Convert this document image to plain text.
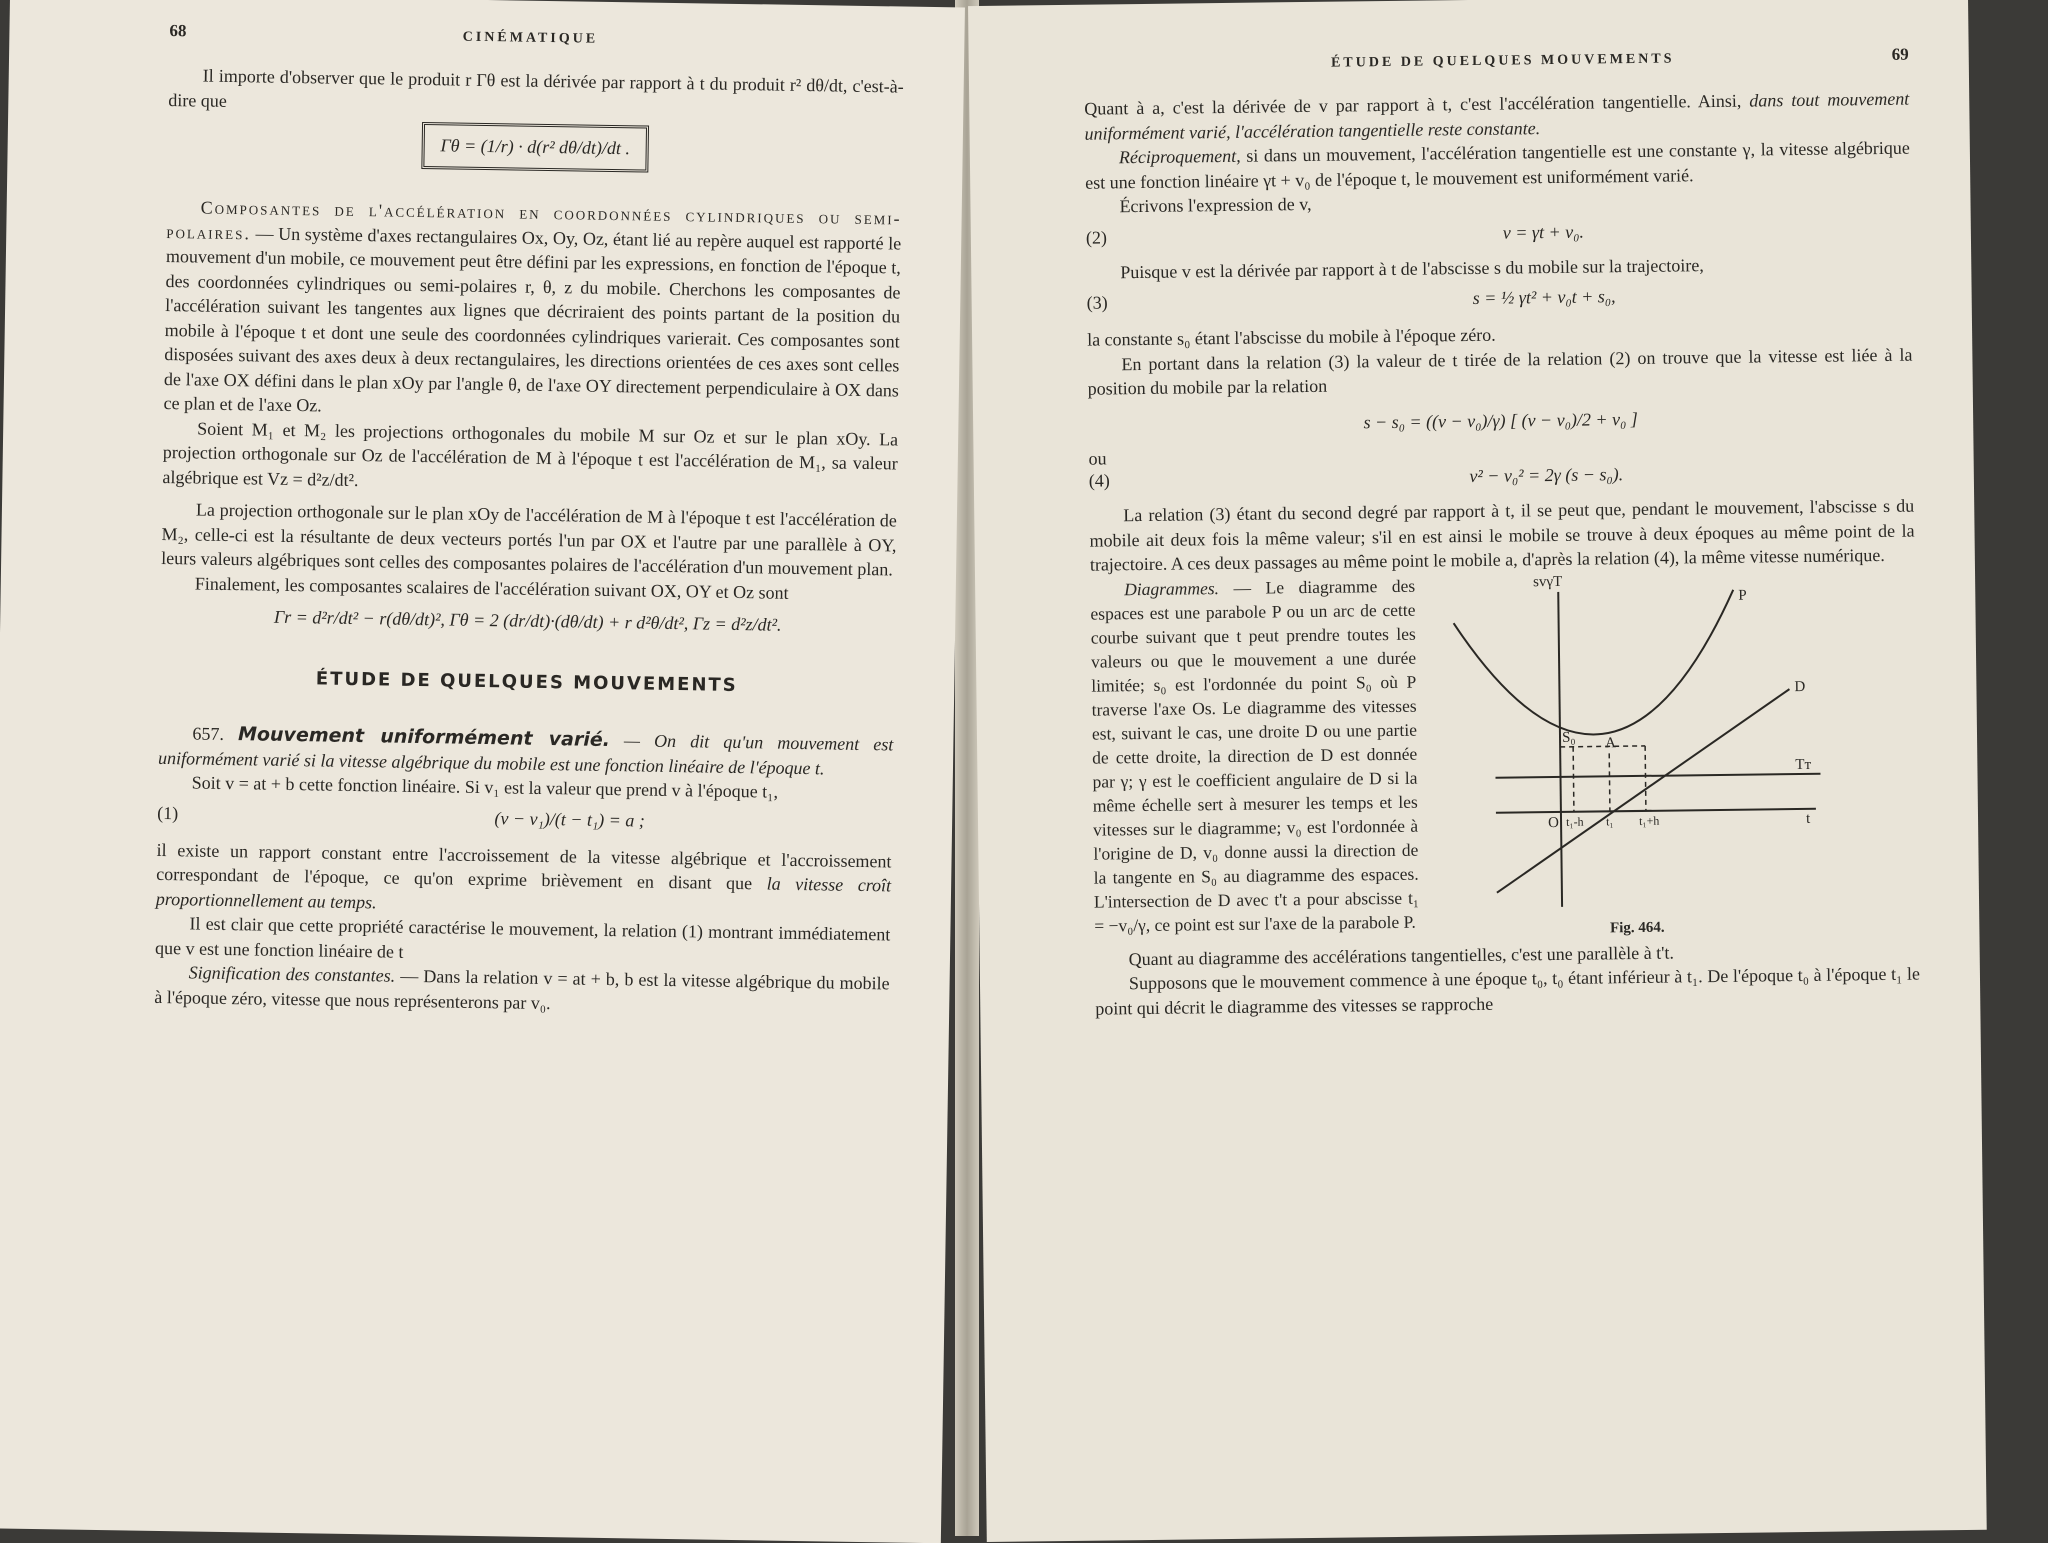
68	CINÉMATIQUE

Il importe d'observer que le produit r Γθ est la dérivée par rapport à t du produit r² dθ/dt, c'est-à-dire que

Γθ = (1/r) · d(r² dθ/dt)/dt .

Composantes de l'accélération en coordonnées cylindriques ou semi-polaires. — Un système d'axes rectangulaires Ox, Oy, Oz, étant lié au repère auquel est rapporté le mouvement d'un mobile, ce mouvement peut être défini par les expressions, en fonction de l'époque t, des coordonnées cylindriques ou semi-polaires r, θ, z du mobile. Cherchons les composantes de l'accélération suivant les tangentes aux lignes que décriraient des points partant de la position du mobile à l'époque t et dont une seule des coordonnées cylindriques varierait. Ces composantes sont disposées suivant des axes deux à deux rectangulaires, les directions orientées de ces axes sont celles de l'axe OX défini dans le plan xOy par l'angle θ, de l'axe OY directement perpendiculaire à OX dans ce plan et de l'axe Oz.

Soient M₁ et M₂ les projections orthogonales du mobile M sur Oz et sur le plan xOy. La projection orthogonale sur Oz de l'accélération de M à l'époque t est l'accélération de M₁, sa valeur algébrique est Vz = d²z/dt².

La projection orthogonale sur le plan xOy de l'accélération de M à l'époque t est l'accélération de M₂, celle-ci est la résultante de deux vecteurs portés l'un par OX et l'autre par une parallèle à OY, leurs valeurs algébriques sont celles des composantes polaires de l'accélération d'un mouvement plan.

Finalement, les composantes scalaires de l'accélération suivant OX, OY et Oz sont

Γr = d²r/dt² − r(dθ/dt)², Γθ = 2 (dr/dt)·(dθ/dt) + r d²θ/dt², Γz = d²z/dt².
ÉTUDE DE QUELQUES MOUVEMENTS

657. Mouvement uniformément varié. — On dit qu'un mouvement est uniformément varié si la vitesse algébrique du mobile est une fonction linéaire de l'époque t.

Soit v = at + b cette fonction linéaire. Si v₁ est la valeur que prend v à l'époque t₁,

(1)	(v − v₁)/(t − t₁) = a ;

il existe un rapport constant entre l'accroissement de la vitesse algébrique et l'accroissement correspondant de l'époque, ce qu'on exprime brièvement en disant que la vitesse croît proportionnellement au temps.

Il est clair que cette propriété caractérise le mouvement, la relation (1) montrant immédiatement que v est une fonction linéaire de t

Signification des constantes. — Dans la relation v = at + b, b est la vitesse algébrique du mobile à l'époque zéro, vitesse que nous représenterons par v₀.

ÉTUDE DE QUELQUES MOUVEMENTS	69

Quant à a, c'est la dérivée de v par rapport à t, c'est l'accélération tangentielle. Ainsi, dans tout mouvement uniformément varié, l'accélération tangentielle reste constante.

Réciproquement, si dans un mouvement, l'accélération tangentielle est une constante γ, la vitesse algébrique est une fonction linéaire γt + v₀ de l'époque t, le mouvement est uniformément varié.

Écrivons l'expression de v,

(2)	v = γt + v₀.

Puisque v est la dérivée par rapport à t de l'abscisse s du mobile sur la trajectoire,

(3)	s = ½ γt² + v₀t + s₀,

la constante s₀ étant l'abscisse du mobile à l'époque zéro.

En portant dans la relation (3) la valeur de t tirée de la relation (2) on trouve que la vitesse est liée à la position du mobile par la relation

s − s₀ = ((v − v₀)/γ) [ (v − v₀)/2 + v₀ ]

ou

(4)	v² − v₀² = 2γ (s − s₀).

La relation (3) étant du second degré par rapport à t, il se peut que, pendant le mouvement, l'abscisse s du mobile ait deux fois la même valeur; s'il en est ainsi le mobile se trouve à deux époques au même point de la trajectoire. A ces deux passages au même point le mobile a, d'après la relation (4), la même vitesse numérique.

Diagrammes. — Le diagramme des espaces est une parabole P ou un arc de cette courbe suivant que t peut prendre toutes les valeurs ou que le mouvement a une durée limitée; s₀ est l'ordonnée du point S₀ où P traverse l'axe Os. Le diagramme des vitesses est, suivant le cas, une droite D ou une partie de cette droite, la direction de D est donnée par γ; γ est le coefficient angulaire de D si la même échelle sert à mesurer les temps et les vitesses sur le diagramme; v₀ est l'ordonnée à l'origine de D, v₀ donne aussi la direction de la tangente en S₀ au diagramme des espaces. L'intersection de D avec t't a pour abscisse t₁ = −v₀/γ, ce point est sur l'axe de la parabole P.

svγT
P
D
S₀ A
Tт
O t₁-h t₁ t₁+h	t
Fig. 464.

Quant au diagramme des accélérations tangentielles, c'est une parallèle à t't.

Supposons que le mouvement commence à une époque t₀, t₀ étant inférieur à t₁. De l'époque t₀ à l'époque t₁ le point qui décrit le diagramme des vitesses se rapproche
